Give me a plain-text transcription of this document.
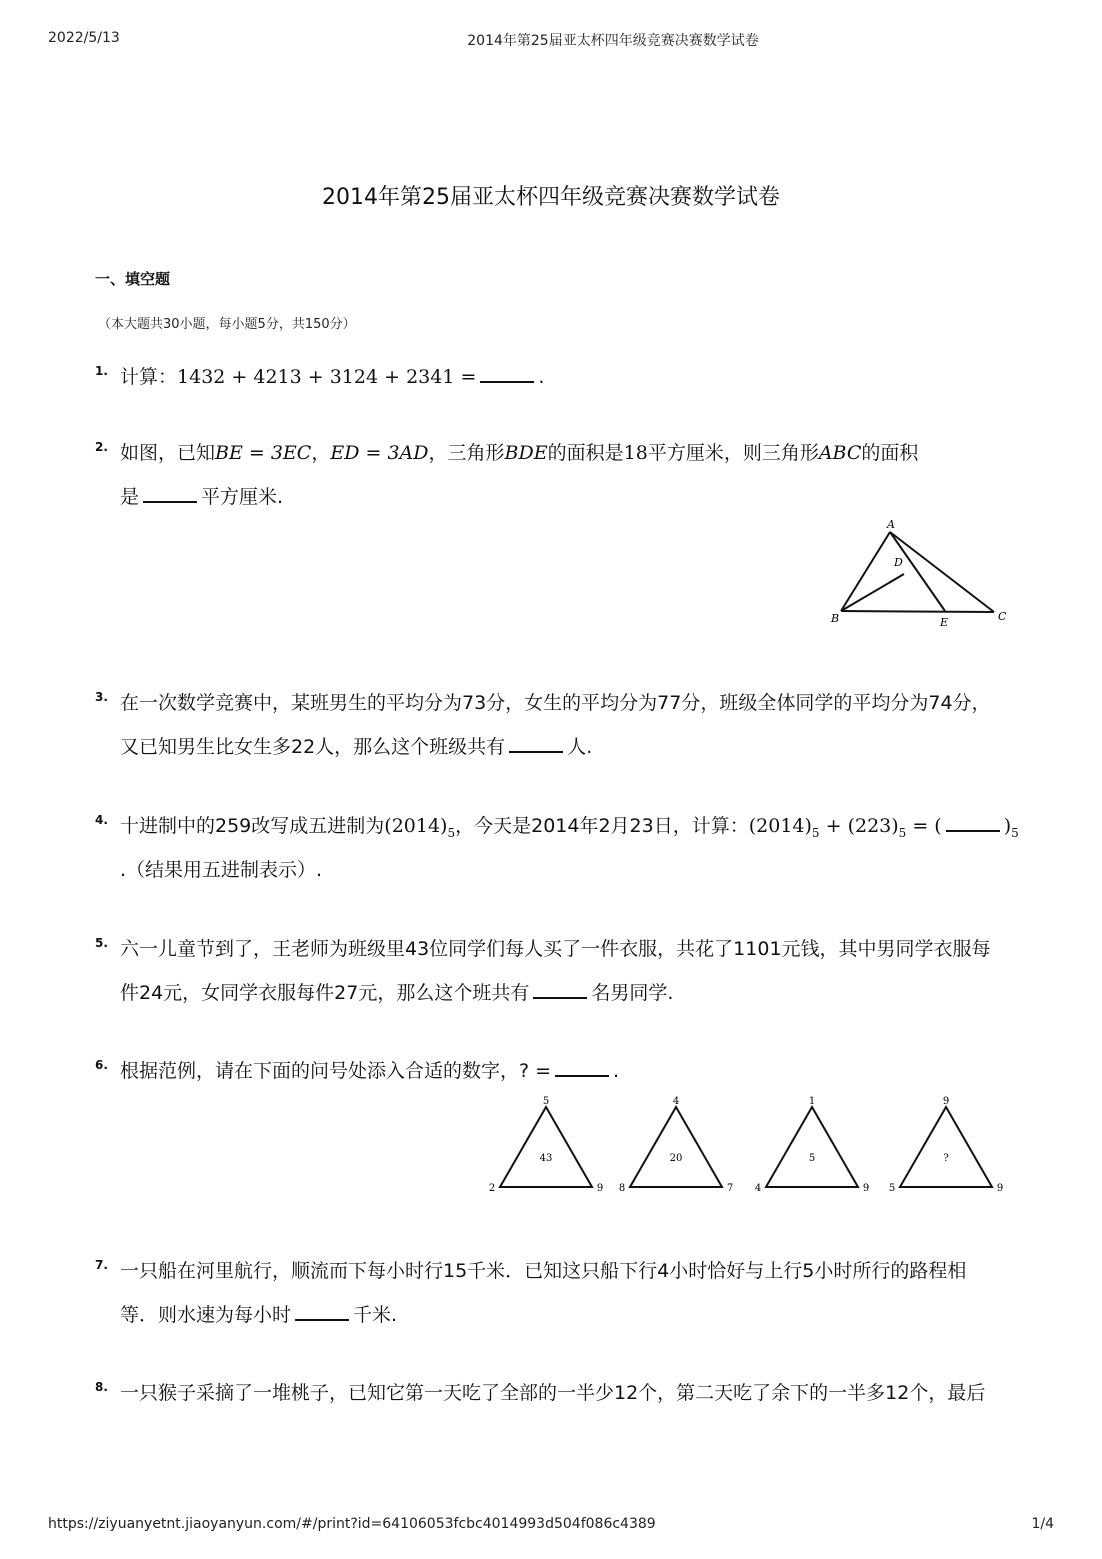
2022/5/13	2014年第25届亚太杯四年级竞赛决赛数学试卷
https://ziyuanyetnt.jiaoyanyun.com/#/print?id=64106053fcbc4014993d504f086c4389	1/4
2014年第25届亚太杯四年级竞赛决赛数学试卷
一、填空题
（本大题共30小题，每小题5分，共150分）
1. 计算：1432 + 4213 + 3124 + 2341 =	.
2. 如图，已知BE = 3EC，ED = 3AD，三角形BDE的面积是18平方厘米，则三角形ABC的面积
是	平方厘米.
A
D
B	E	C
3. 在一次数学竞赛中，某班男生的平均分为73分，女生的平均分为77分，班级全体同学的平均分为74分，
又已知男生比女生多22人，那么这个班级共有	人.
4. 十进制中的259改写成五进制为$(2014)_5$，今天是2014年2月23日，计算：$(2014)_5 + (223)_5$ = (	)$_5$
.（结果用五进制表示）.
5. 六一儿童节到了，王老师为班级里43位同学们每人买了一件衣服，共花了1101元钱，其中男同学衣服每
件24元，女同学衣服每件27元，那么这个班共有	名男同学.
6. 根据范例，请在下面的问号处添入合适的数字，? =	.
5
2	9
43
4
8	7
20
1
4	9
5
9
5	9
?
7. 一只船在河里航行，顺流而下每小时行15千米．已知这只船下行4小时恰好与上行5小时所行的路程相
等．则水速为每小时	千米.
8. 一只猴子采摘了一堆桃子，已知它第一天吃了全部的一半少12个，第二天吃了余下的一半多12个，最后
